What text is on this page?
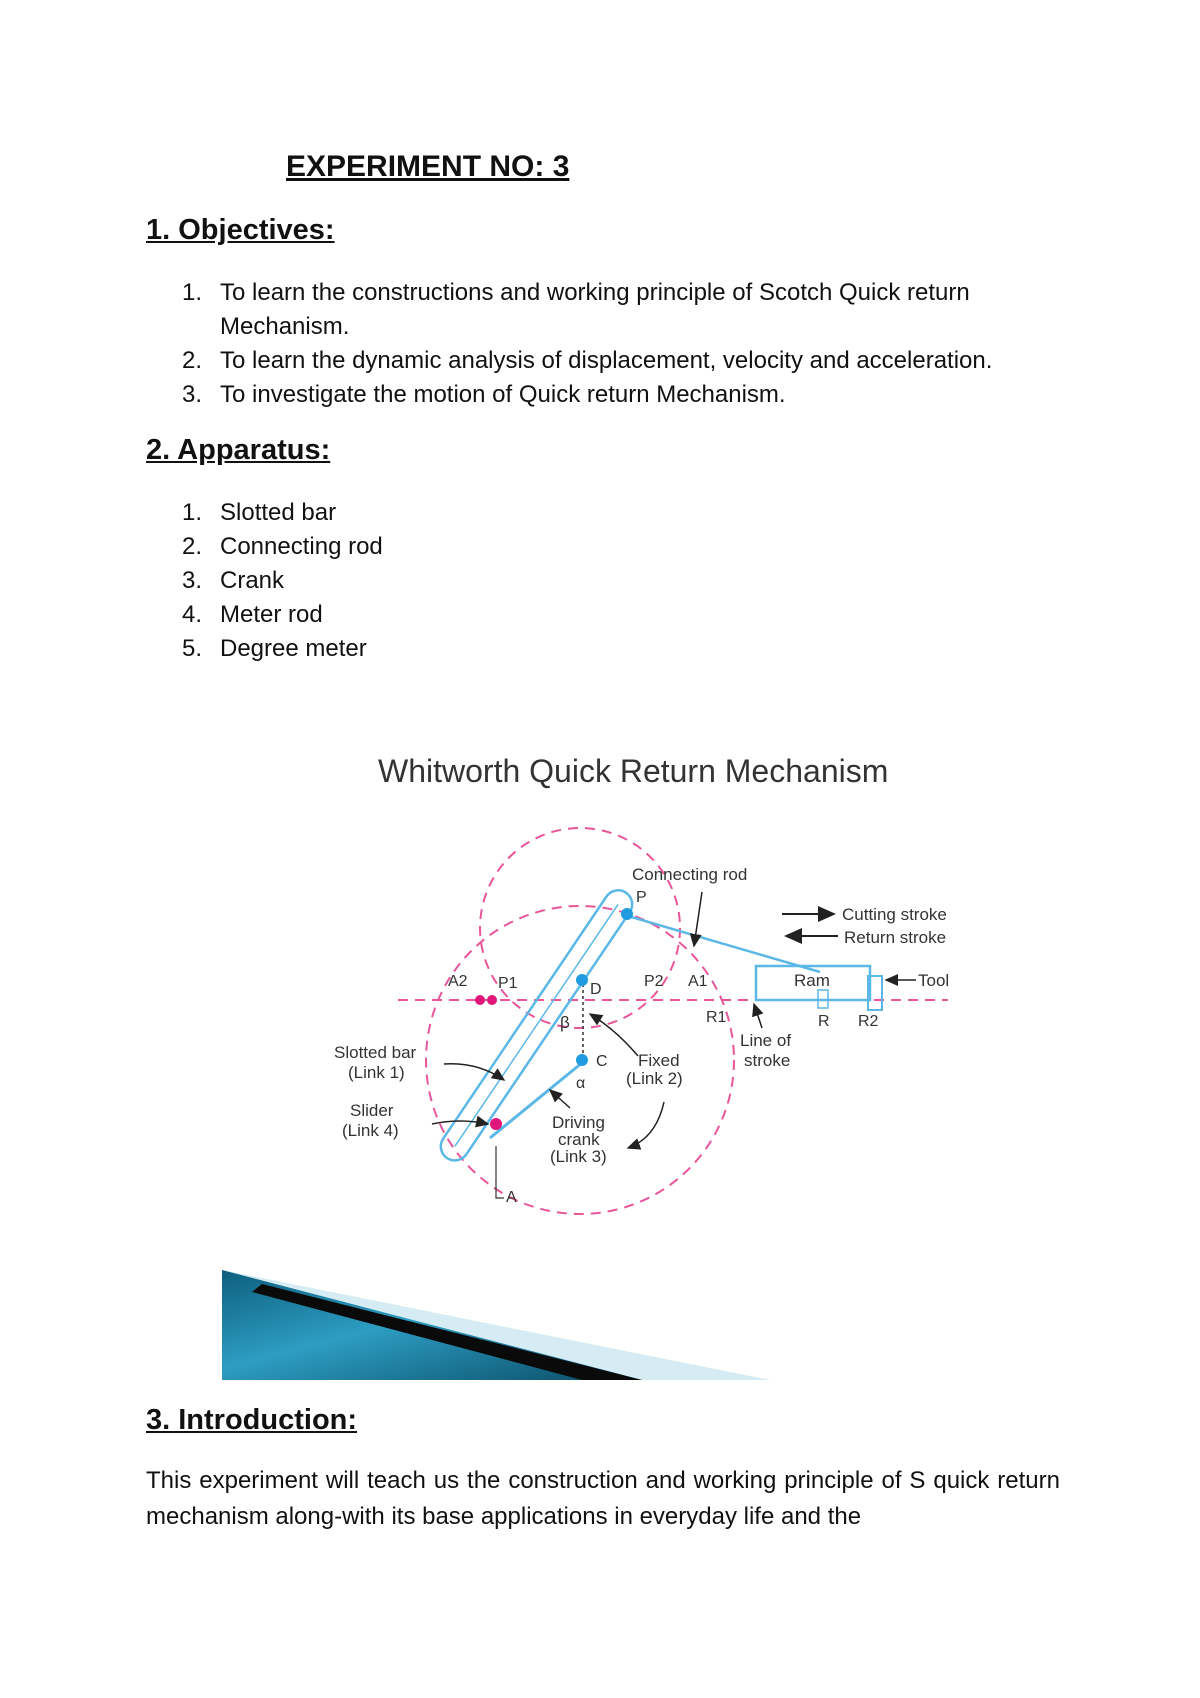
EXPERIMENT NO: 3
1. Objectives:
1. To learn the constructions and working principle of Scotch Quick return Mechanism.
2. To learn the dynamic analysis of displacement, velocity and acceleration.
3. To investigate the motion of Quick return Mechanism.
2. Apparatus:
1. Slotted bar
2. Connecting rod
3. Crank
4. Meter rod
5. Degree meter
Whitworth Quick Return Mechanism
Connecting rod
Cutting stroke
Return stroke
Ram	Tool
A2 P1	P2 A1
R1	R R2
D
P
β
C
α
Fixed
(Link 2)
Line of
stroke
Slotted bar
(Link 1)
Slider
(Link 4)	Driving
crank
(Link 3)
A
3. Introduction:

This experiment will teach us the construction and working principle of S quick return mechanism along-with its base applications in everyday life and the
